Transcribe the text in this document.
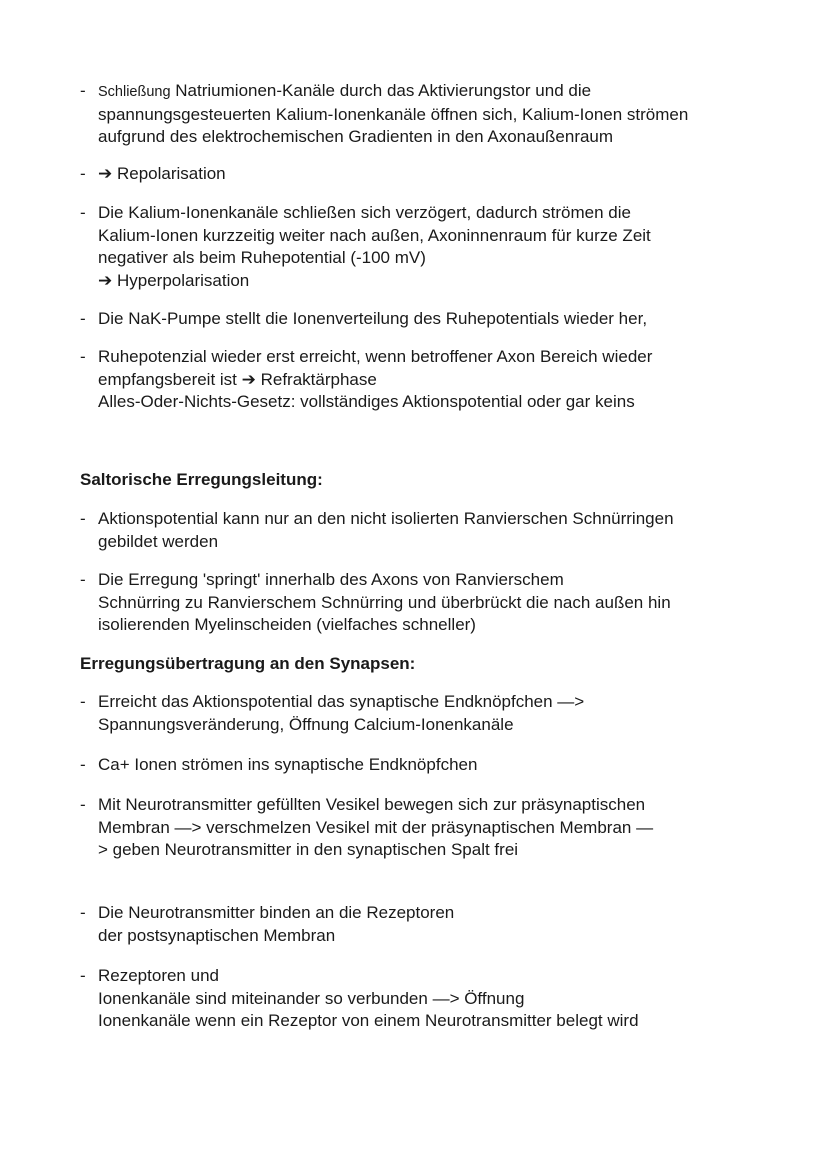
- Schließung Natriumionen-Kanäle durch das Aktivierungstor und die
spannungsgesteuerten Kalium-Ionenkanäle öffnen sich, Kalium-Ionen strömen
aufgrund des elektrochemischen Gradienten in den Axonaußenraum
- ➔ Repolarisation
- Die Kalium-Ionenkanäle schließen sich verzögert, dadurch strömen die
Kalium-Ionen kurzzeitig weiter nach außen, Axoninnenraum für kurze Zeit
negativer als beim Ruhepotential (-100 mV)
➔ Hyperpolarisation
- Die NaK-Pumpe stellt die Ionenverteilung des Ruhepotentials wieder her,
- Ruhepotenzial wieder erst erreicht, wenn betroffener Axon Bereich wieder
empfangsbereit ist ➔ Refraktärphase
Alles-Oder-Nichts-Gesetz: vollständiges Aktionspotential oder gar keins
Saltorische Erregungsleitung:
- Aktionspotential kann nur an den nicht isolierten Ranvierschen Schnürringen
gebildet werden
- Die Erregung 'springt' innerhalb des Axons von Ranvierschem
Schnürring zu Ranvierschem Schnürring und überbrückt die nach außen hin
isolierenden Myelinscheiden (vielfaches schneller)
Erregungsübertragung an den Synapsen:
- Erreicht das Aktionspotential das synaptische Endknöpfchen —>
Spannungsveränderung, Öffnung Calcium-Ionenkanäle
- Ca+ Ionen strömen ins synaptische Endknöpfchen
- Mit Neurotransmitter gefüllten Vesikel bewegen sich zur präsynaptischen
Membran —> verschmelzen Vesikel mit der präsynaptischen Membran —
> geben Neurotransmitter in den synaptischen Spalt frei
- Die Neurotransmitter binden an die Rezeptoren
der postsynaptischen Membran
- Rezeptoren und
Ionenkanäle sind miteinander so verbunden —> Öffnung
Ionenkanäle wenn ein Rezeptor von einem Neurotransmitter belegt wird
